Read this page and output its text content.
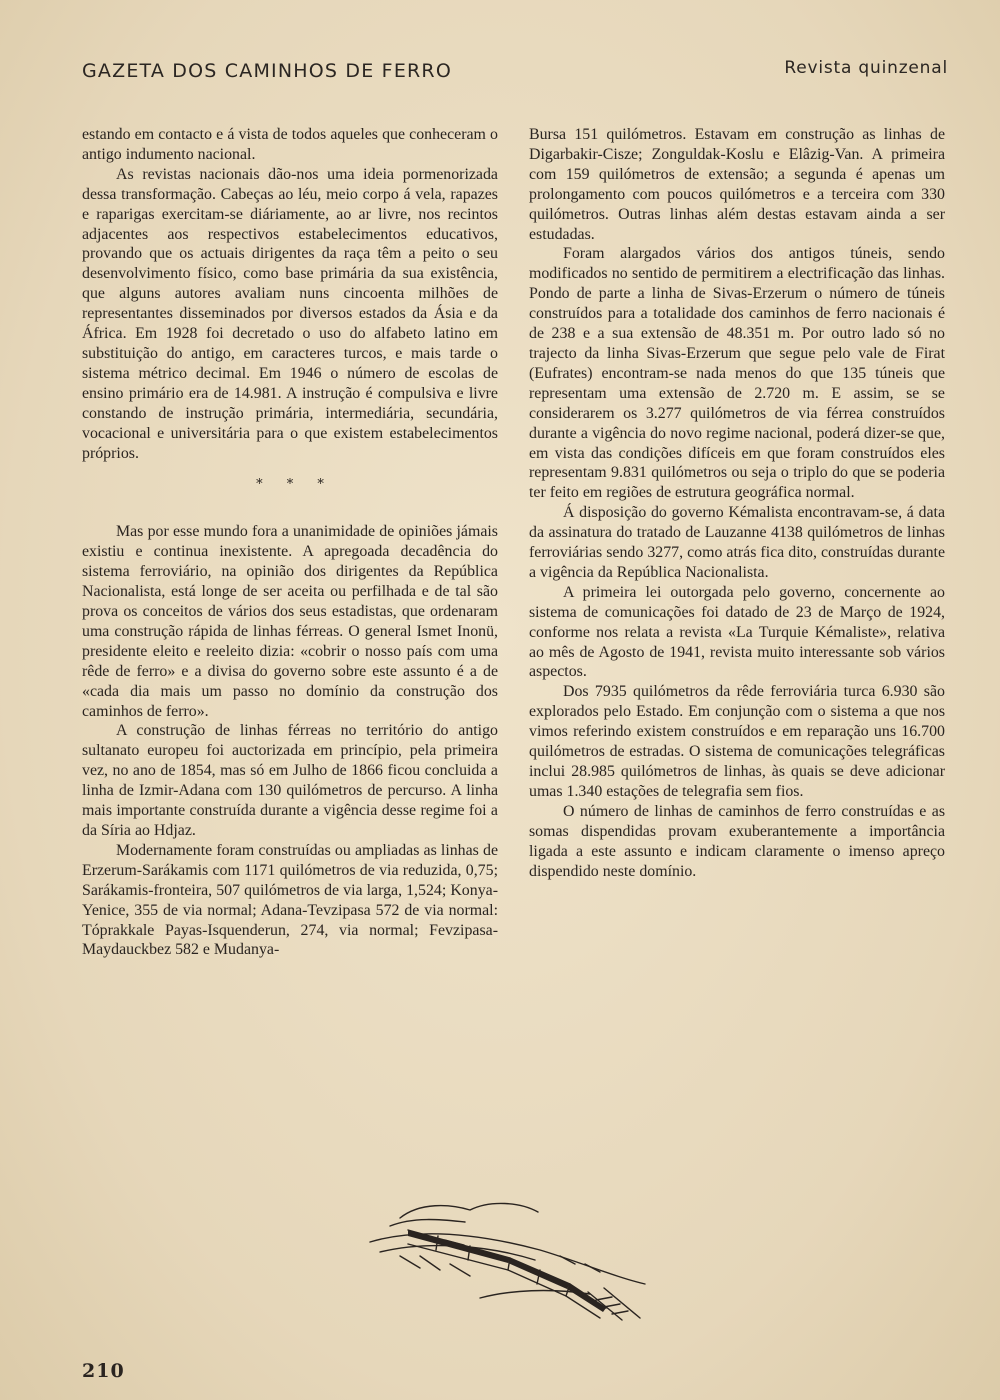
GAZETA DOS CAMINHOS DE FERRO	Revista quinzenal

estando em contacto e á vista de todos aqueles que conheceram o antigo indumento nacional.

As revistas nacionais dão-nos uma ideia pormenorizada dessa transformação. Cabeças ao léu, meio corpo á vela, rapazes e raparigas exercitam-se diáriamente, ao ar livre, nos recintos adjacentes aos respectivos estabelecimentos educativos, provando que os actuais dirigentes da raça têm a peito o seu desenvolvimento físico, como base primária da sua existência, que alguns autores avaliam nuns cincoenta milhões de representantes disseminados por diversos estados da Ásia e da África. Em 1928 foi decretado o uso do alfabeto latino em substituição do antigo, em caracteres turcos, e mais tarde o sistema métrico decimal. Em 1946 o número de escolas de ensino primário era de 14.981. A instrução é compulsiva e livre constando de instrução primária, intermediária, secundária, vocacional e universitária para o que existem estabelecimentos próprios.

* * *

Mas por esse mundo fora a unanimidade de opiniões jámais existiu e continua inexistente. A apregoada decadência do sistema ferroviário, na opinião dos dirigentes da República Nacionalista, está longe de ser aceita ou perfilhada e de tal são prova os conceitos de vários dos seus estadistas, que ordenaram uma construção rápida de linhas férreas. O general Ismet Inonü, presidente eleito e reeleito dizia: «cobrir o nosso país com uma rêde de ferro» e a divisa do governo sobre este assunto é a de «cada dia mais um passo no domínio da construção dos caminhos de ferro».

A construção de linhas férreas no território do antigo sultanato europeu foi auctorizada em princípio, pela primeira vez, no ano de 1854, mas só em Julho de 1866 ficou concluida a linha de Izmir-Adana com 130 quilómetros de percurso. A linha mais importante construída durante a vigência desse regime foi a da Síria ao Hdjaz.

Modernamente foram construídas ou ampliadas as linhas de Erzerum-Sarákamis com 1171 quilómetros de via reduzida, 0,75; Sarákamis-fronteira, 507 quilómetros de via larga, 1,524; Konya-Yenice, 355 de via normal; Adana-Tevzipasa 572 de via normal: Tóprakkale Payas-Isquenderun, 274, via normal; Fevzipasa-Maydauckbez 582 e Mudanya-

Bursa 151 quilómetros. Estavam em construção as linhas de Digarbakir-Cisze; Zonguldak-Koslu e Elâzig-Van. A primeira com 159 quilómetros de extensão; a segunda é apenas um prolongamento com poucos quilómetros e a terceira com 330 quilómetros. Outras linhas além destas estavam ainda a ser estudadas.

Foram alargados vários dos antigos túneis, sendo modificados no sentido de permitirem a electrificação das linhas. Pondo de parte a linha de Sivas-Erzerum o número de túneis construídos para a totalidade dos caminhos de ferro nacionais é de 238 e a sua extensão de 48.351 m. Por outro lado só no trajecto da linha Sivas-Erzerum que segue pelo vale de Firat (Eufrates) encontram-se nada menos do que 135 túneis que representam uma extensão de 2.720 m. E assim, se se considerarem os 3.277 quilómetros de via férrea construídos durante a vigência do novo regime nacional, poderá dizer-se que, em vista das condições difíceis em que foram construídos eles representam 9.831 quilómetros ou seja o triplo do que se poderia ter feito em regiões de estrutura geográfica normal.

Á disposição do governo Kémalista encontravam-se, á data da assinatura do tratado de Lauzanne 4138 quilómetros de linhas ferroviárias sendo 3277, como atrás fica dito, construídas durante a vigência da República Nacionalista.

A primeira lei outorgada pelo governo, concernente ao sistema de comunicações foi datado de 23 de Março de 1924, conforme nos relata a revista «La Turquie Kémaliste», relativa ao mês de Agosto de 1941, revista muito interessante sob vários aspectos.

Dos 7935 quilómetros da rêde ferroviária turca 6.930 são explorados pelo Estado. Em conjunção com o sistema a que nos vimos referindo existem construídos e em reparação uns 16.700 quilómetros de estradas. O sistema de comunicações telegráficas inclui 28.985 quilómetros de linhas, às quais se deve adicionar umas 1.340 estações de telegrafia sem fios.

O número de linhas de caminhos de ferro construídas e as somas dispendidas provam exuberantemente a importância ligada a este assunto e indicam claramente o imenso apreço dispendido neste domínio.

210
